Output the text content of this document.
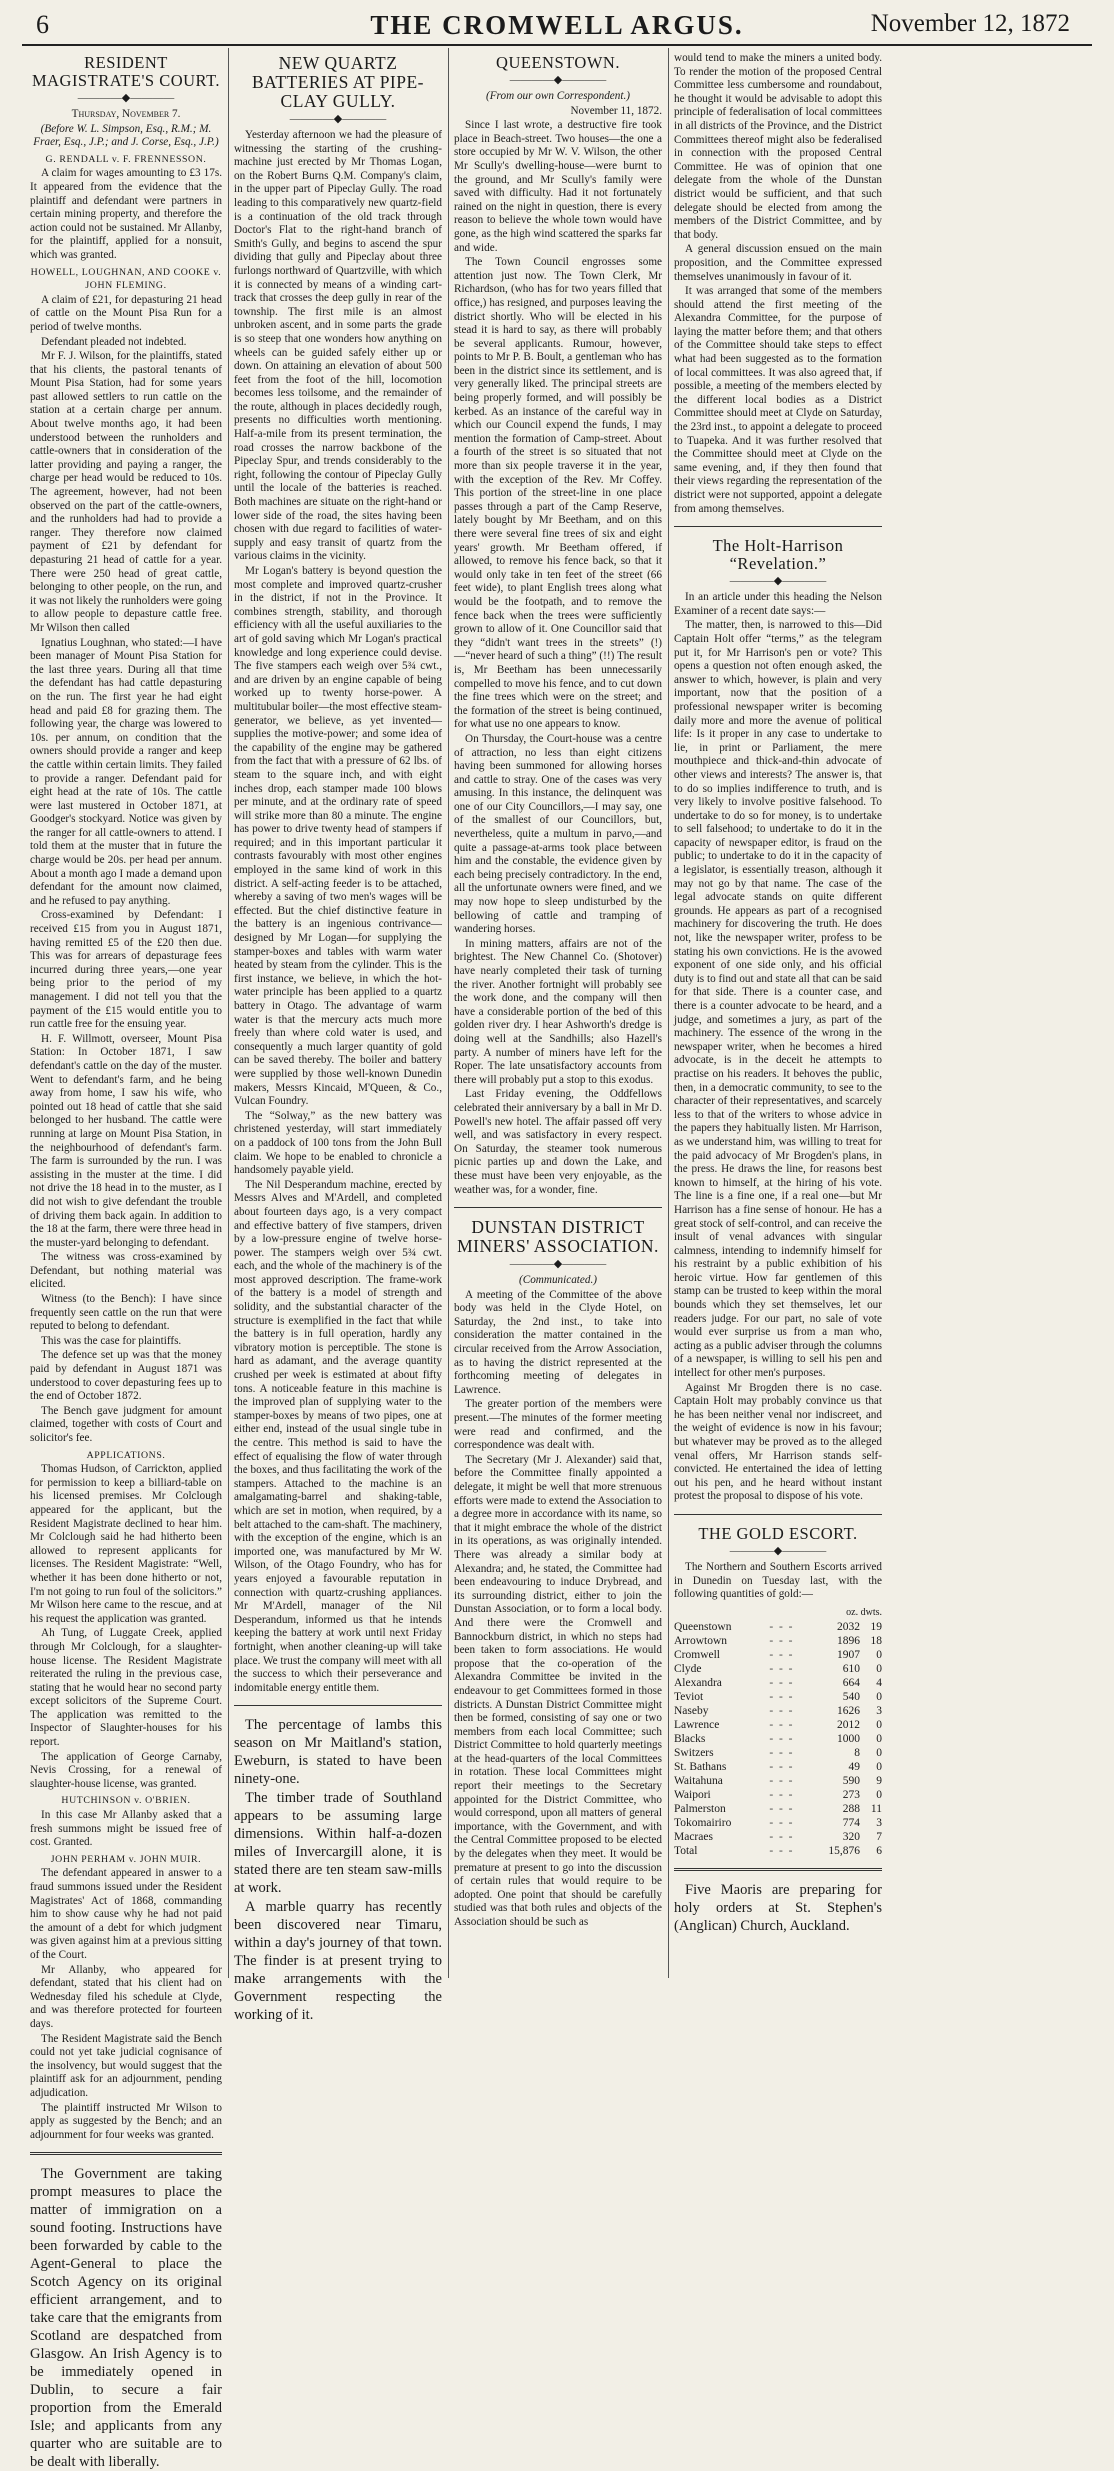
6	THE CROMWELL ARGUS.	November 12, 1872
RESIDENT MAGISTRATE'S COURT.
————◆————

Thursday, November 7.

(Before W. L. Simpson, Esq., R.M.; M. Fraer, Esq., J.P.; and J. Corse, Esq., J.P.)

G. RENDALL v. F. FRENNESSON.

A claim for wages amounting to £3 17s. It appeared from the evidence that the plaintiff and defendant were partners in certain mining property, and therefore the action could not be sustained. Mr Allanby, for the plaintiff, applied for a nonsuit, which was granted.

HOWELL, LOUGHNAN, AND COOKE v. JOHN FLEMING.

A claim of £21, for depasturing 21 head of cattle on the Mount Pisa Run for a period of twelve months.

Defendant pleaded not indebted.

Mr F. J. Wilson, for the plaintiffs, stated that his clients, the pastoral tenants of Mount Pisa Station, had for some years past allowed settlers to run cattle on the station at a certain charge per annum. About twelve months ago, it had been understood between the runholders and cattle-owners that in consideration of the latter providing and paying a ranger, the charge per head would be reduced to 10s. The agreement, however, had not been observed on the part of the cattle-owners, and the runholders had had to provide a ranger. They therefore now claimed payment of £21 by defendant for depasturing 21 head of cattle for a year. There were 250 head of great cattle, belonging to other people, on the run, and it was not likely the runholders were going to allow people to depasture cattle free. Mr Wilson then called

Ignatius Loughnan, who stated:—I have been manager of Mount Pisa Station for the last three years. During all that time the defendant has had cattle depasturing on the run. The first year he had eight head and paid £8 for grazing them. The following year, the charge was lowered to 10s. per annum, on condition that the owners should provide a ranger and keep the cattle within certain limits. They failed to provide a ranger. Defendant paid for eight head at the rate of 10s. The cattle were last mustered in October 1871, at Goodger's stockyard. Notice was given by the ranger for all cattle-owners to attend. I told them at the muster that in future the charge would be 20s. per head per annum. About a month ago I made a demand upon defendant for the amount now claimed, and he refused to pay anything.

Cross-examined by Defendant: I received £15 from you in August 1871, having remitted £5 of the £20 then due. This was for arrears of depasturage fees incurred during three years,—one year being prior to the period of my management. I did not tell you that the payment of the £15 would entitle you to run cattle free for the ensuing year.

H. F. Willmott, overseer, Mount Pisa Station: In October 1871, I saw defendant's cattle on the day of the muster. Went to defendant's farm, and he being away from home, I saw his wife, who pointed out 18 head of cattle that she said belonged to her husband. The cattle were running at large on Mount Pisa Station, in the neighbourhood of defendant's farm. The farm is surrounded by the run. I was assisting in the muster at the time. I did not drive the 18 head in to the muster, as I did not wish to give defendant the trouble of driving them back again. In addition to the 18 at the farm, there were three head in the muster-yard belonging to defendant.

The witness was cross-examined by Defendant, but nothing material was elicited.

Witness (to the Bench): I have since frequently seen cattle on the run that were reputed to belong to defendant.

This was the case for plaintiffs.

The defence set up was that the money paid by defendant in August 1871 was understood to cover depasturing fees up to the end of October 1872.

The Bench gave judgment for amount claimed, together with costs of Court and solicitor's fee.

APPLICATIONS.

Thomas Hudson, of Carrickton, applied for permission to keep a billiard-table on his licensed premises. Mr Colclough appeared for the applicant, but the Resident Magistrate declined to hear him. Mr Colclough said he had hitherto been allowed to represent applicants for licenses. The Resident Magistrate: “Well, whether it has been done hitherto or not, I'm not going to run foul of the solicitors.” Mr Wilson here came to the rescue, and at his request the application was granted.

Ah Tung, of Luggate Creek, applied through Mr Colclough, for a slaughter-house license. The Resident Magistrate reiterated the ruling in the previous case, stating that he would hear no second party except solicitors of the Supreme Court. The application was remitted to the Inspector of Slaughter-houses for his report.

The application of George Carnaby, Nevis Crossing, for a renewal of slaughter-house license, was granted.

HUTCHINSON v. O'BRIEN.

In this case Mr Allanby asked that a fresh summons might be issued free of cost. Granted.

JOHN PERHAM v. JOHN MUIR.

The defendant appeared in answer to a fraud summons issued under the Resident Magistrates' Act of 1868, commanding him to show cause why he had not paid the amount of a debt for which judgment was given against him at a previous sitting of the Court.

Mr Allanby, who appeared for defendant, stated that his client had on Wednesday filed his schedule at Clyde, and was therefore protected for fourteen days.

The Resident Magistrate said the Bench could not yet take judicial cognisance of the insolvency, but would suggest that the plaintiff ask for an adjournment, pending adjudication.

The plaintiff instructed Mr Wilson to apply as suggested by the Bench; and an adjournment for four weeks was granted.

The Government are taking prompt measures to place the matter of immigration on a sound footing. Instructions have been forwarded by cable to the Agent-General to place the Scotch Agency on its original efficient arrangement, and to take care that the emigrants from Scotland are despatched from Glasgow. An Irish Agency is to be immediately opened in Dublin, to secure a fair proportion from the Emerald Isle; and applicants from any quarter who are suitable are to be dealt with liberally.

NEW QUARTZ BATTERIES AT PIPE-CLAY GULLY.
————◆————

Yesterday afternoon we had the pleasure of witnessing the starting of the crushing-machine just erected by Mr Thomas Logan, on the Robert Burns Q.M. Company's claim, in the upper part of Pipeclay Gully. The road leading to this comparatively new quartz-field is a continuation of the old track through Doctor's Flat to the right-hand branch of Smith's Gully, and begins to ascend the spur dividing that gully and Pipeclay about three furlongs northward of Quartzville, with which it is connected by means of a winding cart-track that crosses the deep gully in rear of the township. The first mile is an almost unbroken ascent, and in some parts the grade is so steep that one wonders how anything on wheels can be guided safely either up or down. On attaining an elevation of about 500 feet from the foot of the hill, locomotion becomes less toilsome, and the remainder of the route, although in places decidedly rough, presents no difficulties worth mentioning. Half-a-mile from its present termination, the road crosses the narrow backbone of the Pipeclay Spur, and trends considerably to the right, following the contour of Pipeclay Gully until the locale of the batteries is reached. Both machines are situate on the right-hand or lower side of the road, the sites having been chosen with due regard to facilities of water-supply and easy transit of quartz from the various claims in the vicinity.

Mr Logan's battery is beyond question the most complete and improved quartz-crusher in the district, if not in the Province. It combines strength, stability, and thorough efficiency with all the useful auxiliaries to the art of gold saving which Mr Logan's practical knowledge and long experience could devise. The five stampers each weigh over 5¾ cwt., and are driven by an engine capable of being worked up to twenty horse-power. A multitubular boiler—the most effective steam-generator, we believe, as yet invented—supplies the motive-power; and some idea of the capability of the engine may be gathered from the fact that with a pressure of 62 lbs. of steam to the square inch, and with eight inches drop, each stamper made 100 blows per minute, and at the ordinary rate of speed will strike more than 80 a minute. The engine has power to drive twenty head of stampers if required; and in this important particular it contrasts favourably with most other engines employed in the same kind of work in this district. A self-acting feeder is to be attached, whereby a saving of two men's wages will be effected. But the chief distinctive feature in the battery is an ingenious contrivance—designed by Mr Logan—for supplying the stamper-boxes and tables with warm water heated by steam from the cylinder. This is the first instance, we believe, in which the hot-water principle has been applied to a quartz battery in Otago. The advantage of warm water is that the mercury acts much more freely than where cold water is used, and consequently a much larger quantity of gold can be saved thereby. The boiler and battery were supplied by those well-known Dunedin makers, Messrs Kincaid, M'Queen, & Co., Vulcan Foundry.

The “Solway,” as the new battery was christened yesterday, will start immediately on a paddock of 100 tons from the John Bull claim. We hope to be enabled to chronicle a handsomely payable yield.

The Nil Desperandum machine, erected by Messrs Alves and M'Ardell, and completed about fourteen days ago, is a very compact and effective battery of five stampers, driven by a low-pressure engine of twelve horse-power. The stampers weigh over 5¾ cwt. each, and the whole of the machinery is of the most approved description. The frame-work of the battery is a model of strength and solidity, and the substantial character of the structure is exemplified in the fact that while the battery is in full operation, hardly any vibratory motion is perceptible. The stone is hard as adamant, and the average quantity crushed per week is estimated at about fifty tons. A noticeable feature in this machine is the improved plan of supplying water to the stamper-boxes by means of two pipes, one at either end, instead of the usual single tube in the centre. This method is said to have the effect of equalising the flow of water through the boxes, and thus facilitating the work of the stampers. Attached to the machine is an amalgamating-barrel and shaking-table, which are set in motion, when required, by a belt attached to the cam-shaft. The machinery, with the exception of the engine, which is an imported one, was manufactured by Mr W. Wilson, of the Otago Foundry, who has for years enjoyed a favourable reputation in connection with quartz-crushing appliances. Mr M'Ardell, manager of the Nil Desperandum, informed us that he intends keeping the battery at work until next Friday fortnight, when another cleaning-up will take place. We trust the company will meet with all the success to which their perseverance and indomitable energy entitle them.

The percentage of lambs this season on Mr Maitland's station, Eweburn, is stated to have been ninety-one.

The timber trade of Southland appears to be assuming large dimensions. Within half-a-dozen miles of Invercargill alone, it is stated there are ten steam saw-mills at work.

A marble quarry has recently been discovered near Timaru, within a day's journey of that town. The finder is at present trying to make arrangements with the Government respecting the working of it.

QUEENSTOWN.
————◆————

(From our own Correspondent.)

November 11, 1872.

Since I last wrote, a destructive fire took place in Beach-street. Two houses—the one a store occupied by Mr W. V. Wilson, the other Mr Scully's dwelling-house—were burnt to the ground, and Mr Scully's family were saved with difficulty. Had it not fortunately rained on the night in question, there is every reason to believe the whole town would have gone, as the high wind scattered the sparks far and wide.

The Town Council engrosses some attention just now. The Town Clerk, Mr Richardson, (who has for two years filled that office,) has resigned, and purposes leaving the district shortly. Who will be elected in his stead it is hard to say, as there will probably be several applicants. Rumour, however, points to Mr P. B. Boult, a gentleman who has been in the district since its settlement, and is very generally liked. The principal streets are being properly formed, and will possibly be kerbed. As an instance of the careful way in which our Council expend the funds, I may mention the formation of Camp-street. About a fourth of the street is so situated that not more than six people traverse it in the year, with the exception of the Rev. Mr Coffey. This portion of the street-line in one place passes through a part of the Camp Reserve, lately bought by Mr Beetham, and on this there were several fine trees of six and eight years' growth. Mr Beetham offered, if allowed, to remove his fence back, so that it would only take in ten feet of the street (66 feet wide), to plant English trees along what would be the footpath, and to remove the fence back when the trees were sufficiently grown to allow of it. One Councillor said that they “didn't want trees in the streets” (!)—“never heard of such a thing” (!!) The result is, Mr Beetham has been unnecessarily compelled to move his fence, and to cut down the fine trees which were on the street; and the formation of the street is being continued, for what use no one appears to know.

On Thursday, the Court-house was a centre of attraction, no less than eight citizens having been summoned for allowing horses and cattle to stray. One of the cases was very amusing. In this instance, the delinquent was one of our City Councillors,—I may say, one of the smallest of our Councillors, but, nevertheless, quite a multum in parvo,—and quite a passage-at-arms took place between him and the constable, the evidence given by each being precisely contradictory. In the end, all the unfortunate owners were fined, and we may now hope to sleep undisturbed by the bellowing of cattle and tramping of wandering horses.

In mining matters, affairs are not of the brightest. The New Channel Co. (Shotover) have nearly completed their task of turning the river. Another fortnight will probably see the work done, and the company will then have a considerable portion of the bed of this golden river dry. I hear Ashworth's dredge is doing well at the Sandhills; also Hazell's party. A number of miners have left for the Roper. The late unsatisfactory accounts from there will probably put a stop to this exodus.

Last Friday evening, the Oddfellows celebrated their anniversary by a ball in Mr D. Powell's new hotel. The affair passed off very well, and was satisfactory in every respect. On Saturday, the steamer took numerous picnic parties up and down the Lake, and these must have been very enjoyable, as the weather was, for a wonder, fine.

DUNSTAN DISTRICT MINERS' ASSOCIATION.
————◆————

(Communicated.)

A meeting of the Committee of the above body was held in the Clyde Hotel, on Saturday, the 2nd inst., to take into consideration the matter contained in the circular received from the Arrow Association, as to having the district represented at the forthcoming meeting of delegates in Lawrence.

The greater portion of the members were present.—The minutes of the former meeting were read and confirmed, and the correspondence was dealt with.

The Secretary (Mr J. Alexander) said that, before the Committee finally appointed a delegate, it might be well that more strenuous efforts were made to extend the Association to a degree more in accordance with its name, so that it might embrace the whole of the district in its operations, as was originally intended. There was already a similar body at Alexandra; and, he stated, the Committee had been endeavouring to induce Drybread, and its surrounding district, either to join the Dunstan Association, or to form a local body. And there were the Cromwell and Bannockburn district, in which no steps had been taken to form associations. He would propose that the co-operation of the Alexandra Committee be invited in the endeavour to get Committees formed in those districts. A Dunstan District Committee might then be formed, consisting of say one or two members from each local Committee; such District Committee to hold quarterly meetings at the head-quarters of the local Committees in rotation. These local Committees might report their meetings to the Secretary appointed for the District Committee, who would correspond, upon all matters of general importance, with the Government, and with the Central Committee proposed to be elected by the delegates when they meet. It would be premature at present to go into the discussion of certain rules that would require to be adopted. One point that should be carefully studied was that both rules and objects of the Association should be such as

would tend to make the miners a united body. To render the motion of the proposed Central Committee less cumbersome and roundabout, he thought it would be advisable to adopt this principle of federalisation of local committees in all districts of the Province, and the District Committees thereof might also be federalised in connection with the proposed Central Committee. He was of opinion that one delegate from the whole of the Dunstan district would be sufficient, and that such delegate should be elected from among the members of the District Committee, and by that body.

A general discussion ensued on the main proposition, and the Committee expressed themselves unanimously in favour of it.

It was arranged that some of the members should attend the first meeting of the Alexandra Committee, for the purpose of laying the matter before them; and that others of the Committee should take steps to effect what had been suggested as to the formation of local committees. It was also agreed that, if possible, a meeting of the members elected by the different local bodies as a District Committee should meet at Clyde on Saturday, the 23rd inst., to appoint a delegate to proceed to Tuapeka. And it was further resolved that the Committee should meet at Clyde on the same evening, and, if they then found that their views regarding the representation of the district were not supported, appoint a delegate from among themselves.

The Holt-Harrison “Revelation.”
————◆————

In an article under this heading the Nelson Examiner of a recent date says:—

The matter, then, is narrowed to this—Did Captain Holt offer “terms,” as the telegram put it, for Mr Harrison's pen or vote? This opens a question not often enough asked, the answer to which, however, is plain and very important, now that the position of a professional newspaper writer is becoming daily more and more the avenue of political life: Is it proper in any case to undertake to lie, in print or Parliament, the mere mouthpiece and thick-and-thin advocate of other views and interests? The answer is, that to do so implies indifference to truth, and is very likely to involve positive falsehood. To undertake to do so for money, is to undertake to sell falsehood; to undertake to do it in the capacity of newspaper editor, is fraud on the public; to undertake to do it in the capacity of a legislator, is essentially treason, although it may not go by that name. The case of the legal advocate stands on quite different grounds. He appears as part of a recognised machinery for discovering the truth. He does not, like the newspaper writer, profess to be stating his own convictions. He is the avowed exponent of one side only, and his official duty is to find out and state all that can be said for that side. There is a counter case, and there is a counter advocate to be heard, and a judge, and sometimes a jury, as part of the machinery. The essence of the wrong in the newspaper writer, when he becomes a hired advocate, is in the deceit he attempts to practise on his readers. It behoves the public, then, in a democratic community, to see to the character of their representatives, and scarcely less to that of the writers to whose advice in the papers they habitually listen. Mr Harrison, as we understand him, was willing to treat for the paid advocacy of Mr Brogden's plans, in the press. He draws the line, for reasons best known to himself, at the hiring of his vote. The line is a fine one, if a real one—but Mr Harrison has a fine sense of honour. He has a great stock of self-control, and can receive the insult of venal advances with singular calmness, intending to indemnify himself for his restraint by a public exhibition of his heroic virtue. How far gentlemen of this stamp can be trusted to keep within the moral bounds which they set themselves, let our readers judge. For our part, no sale of vote would ever surprise us from a man who, acting as a public adviser through the columns of a newspaper, is willing to sell his pen and intellect for other men's purposes.

Against Mr Brogden there is no case. Captain Holt may probably convince us that he has been neither venal nor indiscreet, and the weight of evidence is now in his favour; but whatever may be proved as to the alleged venal offers, Mr Harrison stands self-convicted. He entertained the idea of letting out his pen, and he heard without instant protest the proposal to dispose of his vote.

THE GOLD ESCORT.
————◆————

The Northern and Southern Escorts arrived in Dunedin on Tuesday last, with the following quantities of gold:—

		oz. dwts.	
Queenstown	-  -  -	2032	19
Arrowtown	-  -  -	1896	18
Cromwell	-  -  -	1907	0
Clyde	-  -  -	610	0
Alexandra	-  -  -	664	4
Teviot	-  -  -	540	0
Naseby	-  -  -	1626	3
Lawrence	-  -  -	2012	0
Blacks	-  -  -	1000	0
Switzers	-  -  -	8	0
St. Bathans	-  -  -	49	0
Waitahuna	-  -  -	590	9
Waipori	-  -  -	273	0
Palmerston	-  -  -	288	11
Tokomairiro	-  -  -	774	3
Macraes	-  -  -	320	7
Total	-  -  -	15,876	6

Five Maoris are preparing for holy orders at St. Stephen's (Anglican) Church, Auckland.
